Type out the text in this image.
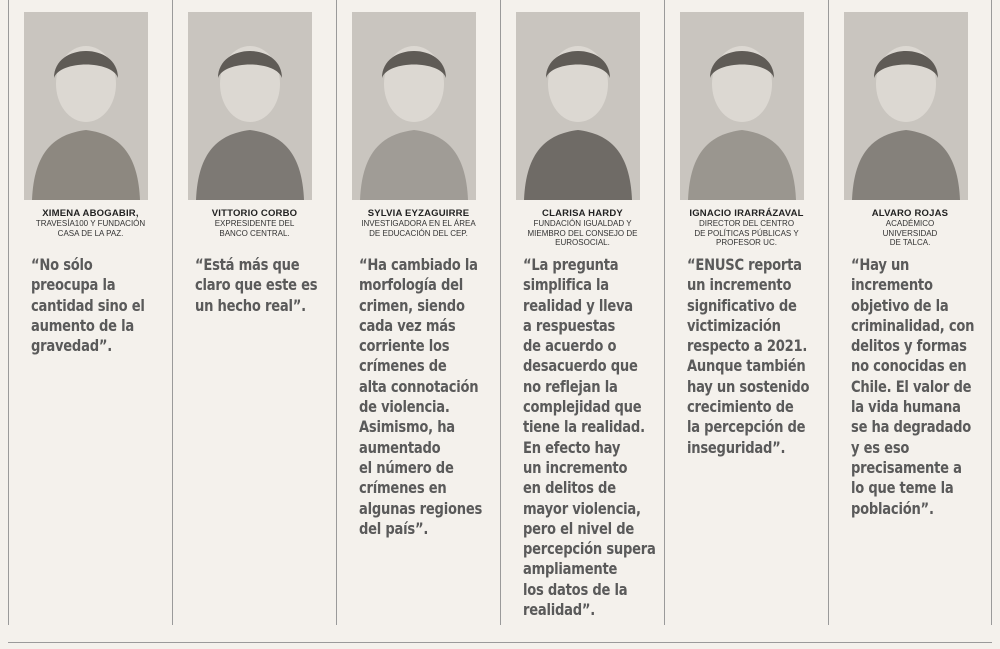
XIMENA ABOGABIR,
TRAVESÍA100 Y FUNDACIÓN
CASA DE LA PAZ.
“No sólo
preocupa la
cantidad sino el
aumento de la
gravedad”.
VITTORIO CORBO
EXPRESIDENTE DEL
BANCO CENTRAL.
“Está más que
claro que este es
un hecho real”.
SYLVIA EYZAGUIRRE
INVESTIGADORA EN EL ÁREA
DE EDUCACIÓN DEL CEP.
“Ha cambiado la
morfología del
crimen, siendo
cada vez más
corriente los
crímenes de
alta connotación
de violencia.
Asimismo, ha
aumentado
el número de
crímenes en
algunas regiones
del país”.
CLARISA HARDY
FUNDACIÓN IGUALDAD Y
MIEMBRO DEL CONSEJO DE
EUROSOCIAL.
“La pregunta
simplifica la
realidad y lleva
a respuestas
de acuerdo o
desacuerdo que
no reflejan la
complejidad que
tiene la realidad.
En efecto hay
un incremento
en delitos de
mayor violencia,
pero el nivel de
percepción supera
ampliamente
los datos de la
realidad”.
IGNACIO IRARRÁZAVAL
DIRECTOR DEL CENTRO
DE POLÍTICAS PÚBLICAS Y
PROFESOR UC.
“ENUSC reporta
un incremento
significativo de
victimización
respecto a 2021.
Aunque también
hay un sostenido
crecimiento de
la percepción de
inseguridad”.
ALVARO ROJAS
ACADÉMICO
UNIVERSIDAD
DE TALCA.
“Hay un
incremento
objetivo de la
criminalidad, con
delitos y formas
no conocidas en
Chile. El valor de
la vida humana
se ha degradado
y es eso
precisamente a
lo que teme la
población”.
